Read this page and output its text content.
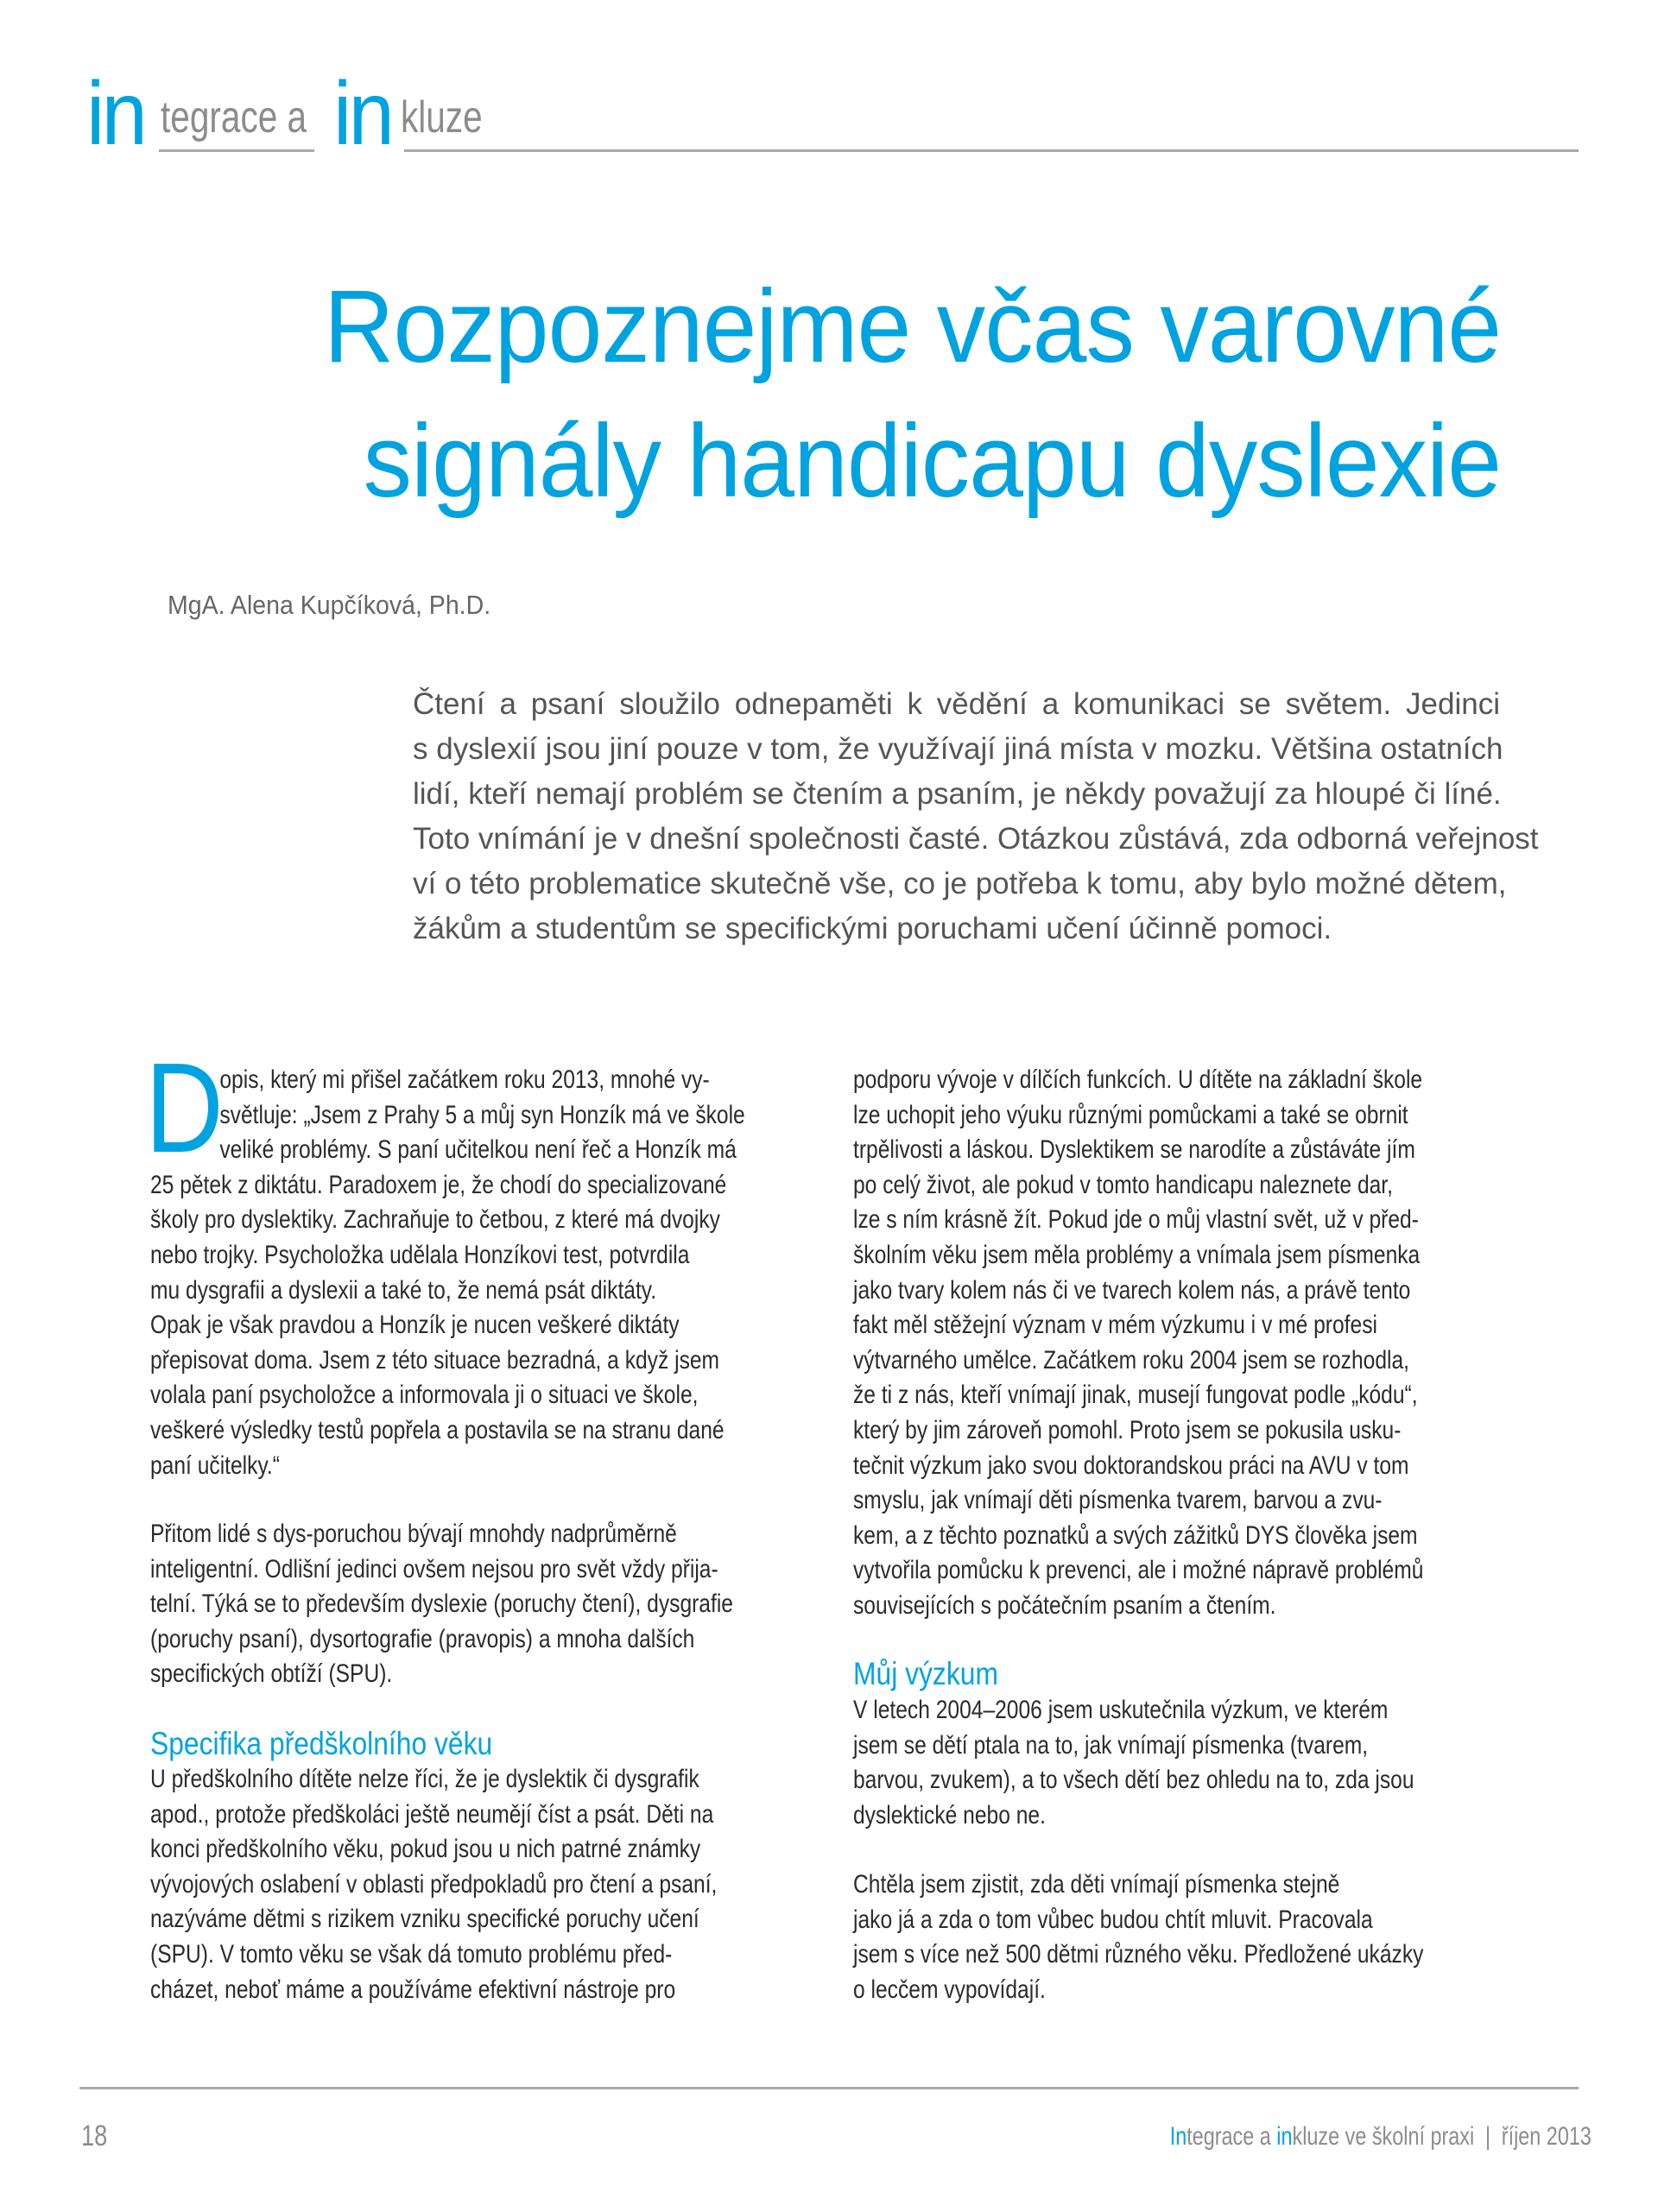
in tegrace a in kluze
Rozpoznejme včas varovné
signály handicapu dyslexie
MgA. Alena Kupčíková, Ph.D.
Čtení a psaní sloužilo odnepaměti k vědění a komunikaci se světem. Jedinci
s dyslexií jsou jiní pouze v tom, že využívají jiná místa v mozku. Většina ostatních
lidí, kteří nemají problém se čtením a psaním, je někdy považují za hloupé či líné.
Toto vnímání je v dnešní společnosti časté. Otázkou zůstává, zda odborná veřejnost
ví o této problematice skutečně vše, co je potřeba k tomu, aby bylo možné dětem,
žákům a studentům se specifickými poruchami učení účinně pomoci.
D
opis, který mi přišel začátkem roku 2013, mnohé vy-
světluje: „Jsem z Prahy 5 a můj syn Honzík má ve škole
veliké problémy. S paní učitelkou není řeč a Honzík má
25 pětek z diktátu. Paradoxem je, že chodí do specializované
školy pro dyslektiky. Zachraňuje to četbou, z které má dvojky
nebo trojky. Psycholožka udělala Honzíkovi test, potvrdila
mu dysgrafii a dyslexii a také to, že nemá psát diktáty.
Opak je však pravdou a Honzík je nucen veškeré diktáty
přepisovat doma. Jsem z této situace bezradná, a když jsem
volala paní psycholožce a informovala ji o situaci ve škole,
veškeré výsledky testů popřela a postavila se na stranu dané
paní učitelky.“
Přitom lidé s dys-poruchou bývají mnohdy nadprůměrně
inteligentní. Odlišní jedinci ovšem nejsou pro svět vždy přija-
telní. Týká se to především dyslexie (poruchy čtení), dysgrafie
(poruchy psaní), dysortografie (pravopis) a mnoha dalších
specifických obtíží (SPU).
Specifika předškolního věku
U předškolního dítěte nelze říci, že je dyslektik či dysgrafik
apod., protože předškoláci ještě neumějí číst a psát. Děti na
konci předškolního věku, pokud jsou u nich patrné známky
vývojových oslabení v oblasti předpokladů pro čtení a psaní,
nazýváme dětmi s rizikem vzniku specifické poruchy učení
(SPU). V tomto věku se však dá tomuto problému před-
cházet, neboť máme a používáme efektivní nástroje pro
podporu vývoje v dílčích funkcích. U dítěte na základní škole
lze uchopit jeho výuku různými pomůckami a také se obrnit
trpělivosti a láskou. Dyslektikem se narodíte a zůstáváte jím
po celý život, ale pokud v tomto handicapu naleznete dar,
lze s ním krásně žít. Pokud jde o můj vlastní svět, už v před-
školním věku jsem měla problémy a vnímala jsem písmenka
jako tvary kolem nás či ve tvarech kolem nás, a právě tento
fakt měl stěžejní význam v mém výzkumu i v mé profesi
výtvarného umělce. Začátkem roku 2004 jsem se rozhodla,
že ti z nás, kteří vnímají jinak, musejí fungovat podle „kódu“,
který by jim zároveň pomohl. Proto jsem se pokusila usku-
tečnit výzkum jako svou doktorandskou práci na AVU v tom
smyslu, jak vnímají děti písmenka tvarem, barvou a zvu-
kem, a z těchto poznatků a svých zážitků DYS člověka jsem
vytvořila pomůcku k prevenci, ale i možné nápravě problémů
souvisejících s počátečním psaním a čtením.
Můj výzkum
V letech 2004–2006 jsem uskutečnila výzkum, ve kterém
jsem se dětí ptala na to, jak vnímají písmenka (tvarem,
barvou, zvukem), a to všech dětí bez ohledu na to, zda jsou
dyslektické nebo ne.
Chtěla jsem zjistit, zda děti vnímají písmenka stejně
jako já a zda o tom vůbec budou chtít mluvit. Pracovala
jsem s více než 500 dětmi různého věku. Předložené ukázky
o lecčem vypovídají.
18	Integrace a inkluze ve školní praxi | říjen 2013
